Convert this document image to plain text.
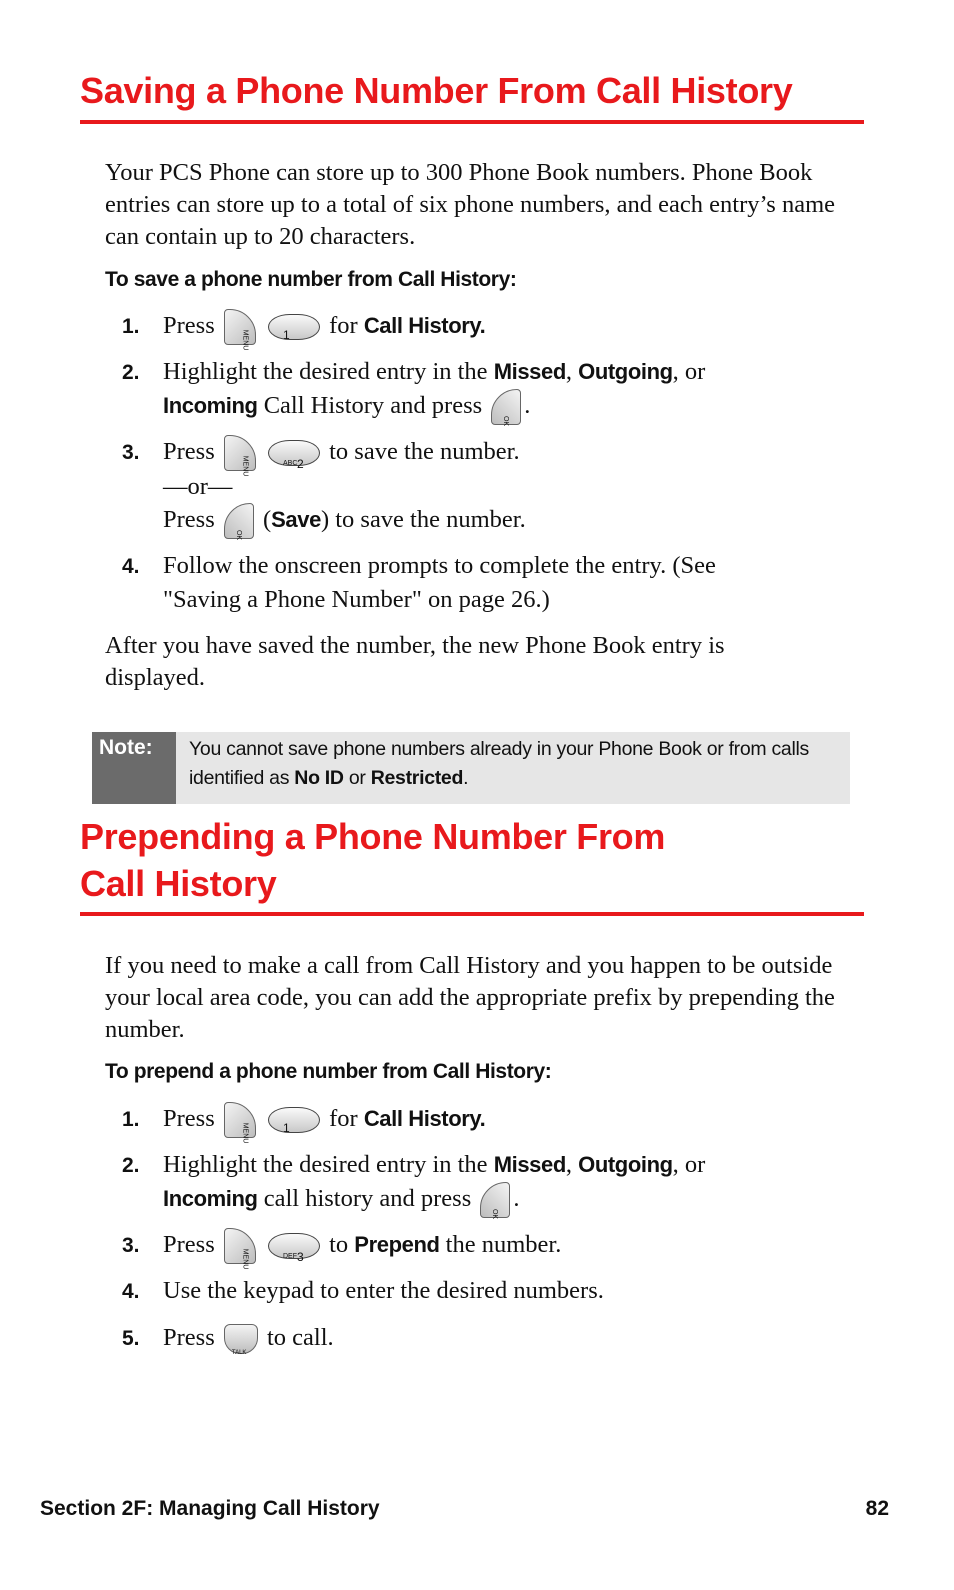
Saving a Phone Number From Call History
Your PCS Phone can store up to 300 Phone Book numbers. Phone Book entries can store up to a total of six phone numbers, and each entry’s name can contain up to 20 characters.
To save a phone number from Call History:
1. Press
MENU
	1 for Call History.
2. Highlight the desired entry in the Missed, Outgoing, or
Incoming Call History and press
OK
.
3. Press
MENU
	2
ABC to save the number.
—or—
Press
OK
(Save) to save the number.
4. Follow the onscreen prompts to complete the entry. (See
"Saving a Phone Number" on page 26.)
After you have saved the number, the new Phone Book entry is displayed.
Note:	You cannot save phone numbers already in your Phone Book or from calls identified as No ID or Restricted.
Prepending a Phone Number From
Call History
If you need to make a call from Call History and you happen to be outside your local area code, you can add the appropriate prefix by prepending the number.
To prepend a phone number from Call History:
1. Press
MENU
	1 for Call History.
2. Highlight the desired entry in the Missed, Outgoing, or
Incoming call history and press
OK
.
3. Press
MENU
	3
DEF to Prepend the number.
4. Use the keypad to enter the desired numbers.
5. Press
TALK
to call.
Section 2F: Managing Call History	82
